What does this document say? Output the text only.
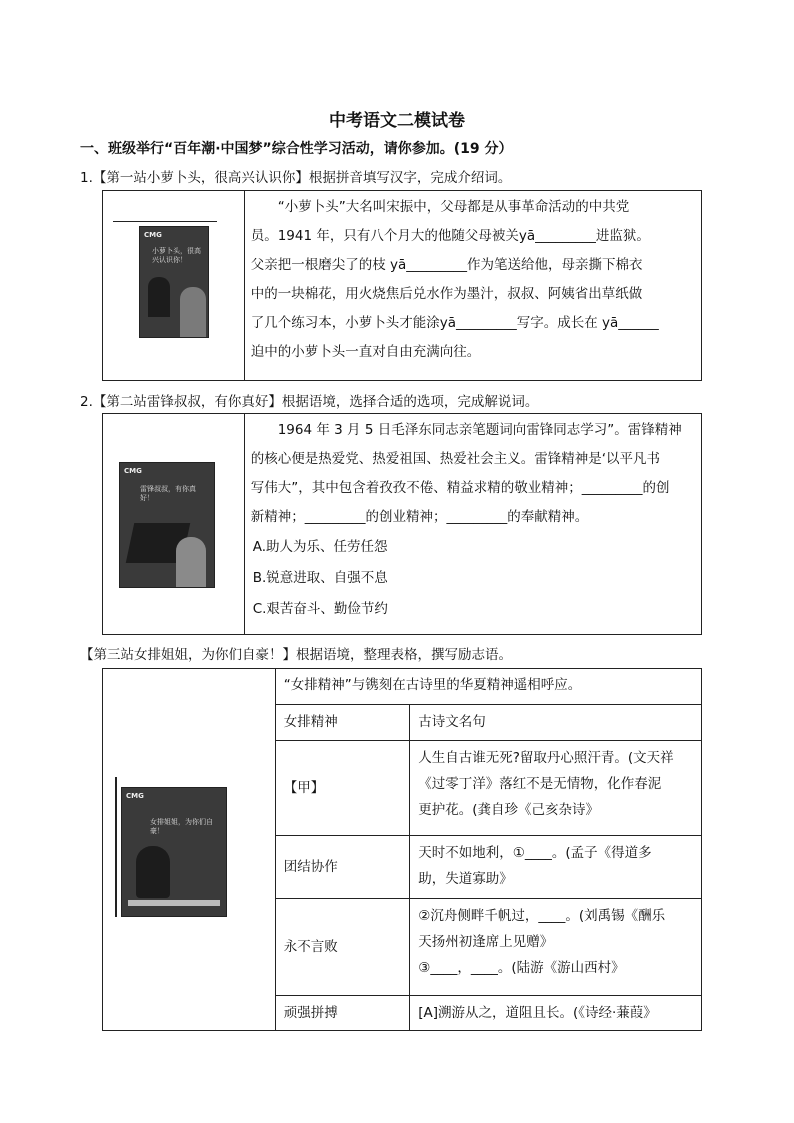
中考语文二模试卷
一、班级举行“百年潮·中国梦”综合性学习活动，请你参加。(19 分）
1.【第一站小萝卜头，很高兴认识你】根据拼音填写汉字，完成介绍词。
CMG
小萝卜头，很高兴认识你！

“小萝卜头”大名叫宋振中，父母都是从事革命活动的中共党
员。1941 年，只有八个月大的他随父母被关yā_________进监狱。
父亲把一根磨尖了的枝 yā_________作为笔送给他，母亲撕下棉衣
中的一块棉花，用火烧焦后兑水作为墨汁，叔叔、阿姨省出草纸做
了几个练习本，小萝卜头才能涂yā_________写字。成长在 yā______
迫中的小萝卜头一直对自由充满向往。
2.【第二站雷锋叔叔，有你真好】根据语境，选择合适的选项，完成解说词。
CMG
雷锋叔叔，有你真好！

1964 年 3 月 5 日毛泽东同志亲笔题词向雷锋同志学习”。雷锋精神
的核心便是热爱党、热爱祖国、热爱社会主义。雷锋精神是‘以平凡书
写伟大”，其中包含着孜孜不倦、精益求精的敬业精神；_________的创
新精神；_________的创业精神；_________的奉献精神。
A.助人为乐、任劳任怨
B.锐意进取、自强不息
C.艰苦奋斗、勤俭节约
【第三站女排姐姐，为你们自豪！】根据语境，整理表格，撰写励志语。
CMG
女排姐姐，为你们自豪！	“女排精神”与镌刻在古诗里的华夏精神遥相呼应。	
	女排精神	古诗文名句
	【甲】	人生自古谁无死?留取丹心照汗青。(文天祥
《过零丁洋》落红不是无情物，化作春泥
更护花。(龚自珍《己亥杂诗》

	团结协作	天时不如地利，①____。(孟子《得道多
助，失道寡助》

	永不言败	②沉舟侧畔千帆过，____。(刘禹锡《酬乐
天扬州初逢席上见赠》
③____，____。(陆游《游山西村》

	顽强拼搏	[A]溯游从之，道阻且长。(《诗经·蒹葭》
